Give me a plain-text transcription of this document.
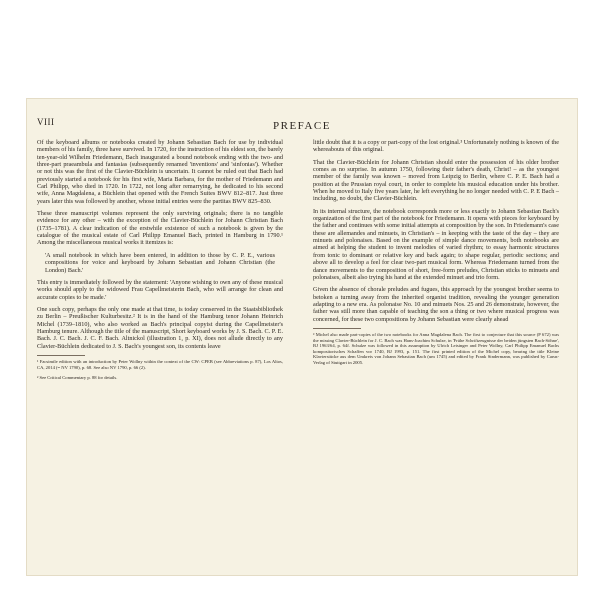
VIII	PREFACE

Of the keyboard albums or notebooks created by Johann Sebastian Bach for use by individual members of his family, three have survived. In 1720, for the instruction of his eldest son, the barely ten-year-old Wilhelm Friedemann, Bach inaugurated a bound notebook ending with the two- and three-part praeambula and fantasias (subsequently renamed 'inventions' and 'sinfonias'). Whether or not this was the first of the Clavier-Büchlein is uncertain. It cannot be ruled out that Bach had previously started a notebook for his first wife, Maria Barbara, for the mother of Friedemann and Carl Philipp, who died in 1720. In 1722, not long after remarrying, he dedicated to his second wife, Anna Magdalena, a Büchlein that opened with the French Suites BWV 812–817. Just three years later this was followed by another, whose initial entries were the partitas BWV 825–830.

These three manuscript volumes represent the only surviving originals; there is no tangible evidence for any other – with the exception of the Clavier-Büchlein for Johann Christian Bach (1735–1781). A clear indication of the erstwhile existence of such a notebook is given by the catalogue of the musical estate of Carl Philipp Emanuel Bach, printed in Hamburg in 1790.¹ Among the miscellaneous musical works it itemizes is:

'A small notebook in which have been entered, in addition to those by C. P. E., various compositions for voice and keyboard by Johann Sebastian and Johann Christian (the London) Bach.'

This entry is immediately followed by the statement: 'Anyone wishing to own any of these musical works should apply to the widowed Frau Capellmeisterin Bach, who will arrange for clean and accurate copies to be made.'

One such copy, perhaps the only one made at that time, is today conserved in the Staatsbibliothek zu Berlin – Preußischer Kulturbesitz.² It is in the hand of the Hamburg tenor Johann Heinrich Michel (1739–1810), who also worked as Bach's principal copyist during the Capellmeister's Hamburg tenure. Although the title of the manuscript, Short keyboard works by J. S. Bach. C. P. E. Bach. J. C. Bach. J. C. F. Bach. Altnickol (illustration 1, p. XI), does not allude directly to any Clavier-Büchlein dedicated to J. S. Bach's youngest son, its contents leave

¹ Facsimile edition with an introduction by Peter Wollny within the context of the CW: CPEB (see Abbreviations p. 87), Los Altos, CA, 2014 (= NV 1790), p. 68. See also NV 1790, p. 66 (2).

² See Critical Commentary p. 88 for details.

little doubt that it is a copy or part-copy of the lost original.³ Unfortunately nothing is known of the whereabouts of this original.

That the Clavier-Büchlein for Johann Christian should enter the possession of his older brother comes as no surprise. In autumn 1750, following their father's death, Christ! – as the youngest member of the family was known – moved from Leipzig to Berlin, where C. P. E. Bach had a position at the Prussian royal court, in order to complete his musical education under his brother. When he moved to Italy five years later, he left everything he no longer needed with C. P. E Bach – including, no doubt, the Clavier-Büchlein.

In its internal structure, the notebook corresponds more or less exactly to Johann Sebastian Bach's organization of the first part of the notebook for Friedemann. It opens with pieces for keyboard by the father and continues with some initial attempts at composition by the son. In Friedemann's case these are allemandes and minuets, in Christian's – in keeping with the taste of the day – they are minuets and polonaises. Based on the example of simple dance movements, both notebooks are aimed at helping the student to invent melodies of varied rhythm; to essay harmonic structures from tonic to dominant or relative key and back again; to shape regular, periodic sections; and above all to develop a feel for clear two-part musical form. Whereas Friedemann turned from the dance movements to the composition of short, free-form preludes, Christian sticks to minuets and polonaises, albeit also trying his hand at the extended minuet and trio form.

Given the absence of chorale preludes and fugues, this approach by the youngest brother seems to betoken a turning away from the inherited organist tradition, revealing the younger generation adapting to a new era. As polonaise No. 10 and minuets Nos. 25 and 26 demonstrate, however, the father was still more than capable of teaching the son a thing or two where musical progress was concerned, for these two compositions by Johann Sebastian were clearly ahead

³ Michel also made part-copies of the two notebooks for Anna Magdalena Bach. The first to conjecture that this source (P 672) was the missing Clavier-Büchlein for J. C. Bach was Hans-Joachim Schulze, in 'Frühe Schriftzeugnisse der beiden jüngsten Bach-Söhne', BJ 1963/64, p. 64f. Schulze was followed in this assumption by Ulrich Leisinger and Peter Wollny, Carl Philipp Emanuel Bachs kompositorisches Schaffen vor 1740, BJ 1993, p. 151. The first printed edition of the Michel copy, bearing the title Kleine Klavierstücke aus dem Umkreis von Johann Sebastian Bach (um 1745) and edited by Frank Sindermann, was published by Carus-Verlag of Stuttgart in 2005.
